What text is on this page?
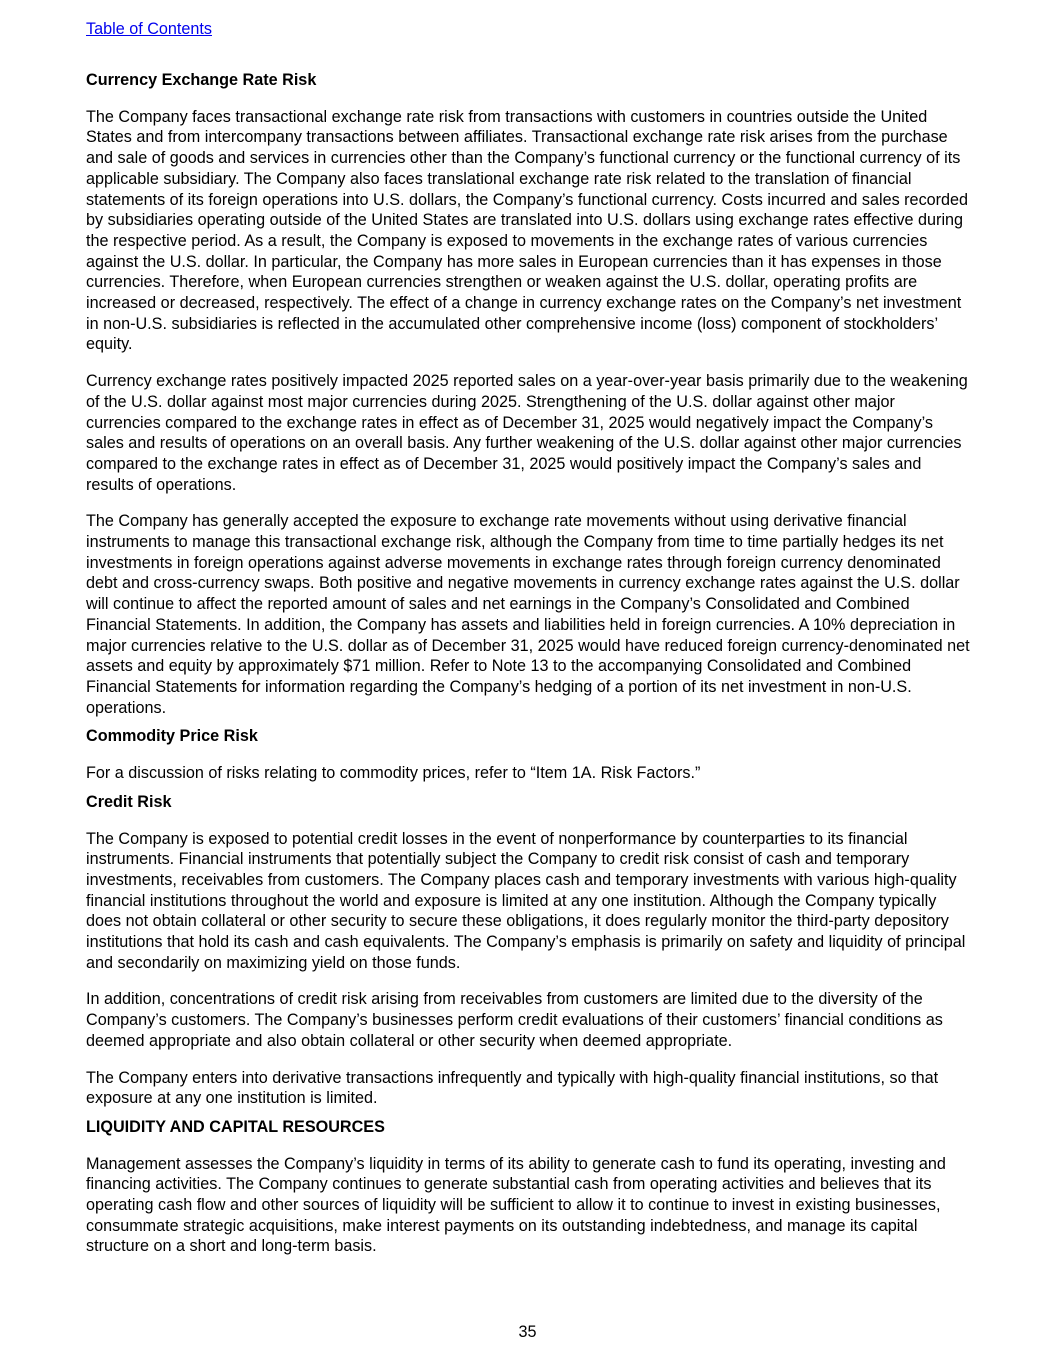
Table of Contents
Currency Exchange Rate Risk

The Company faces transactional exchange rate risk from transactions with customers in countries outside the United States and from intercompany transactions between affiliates. Transactional exchange rate risk arises from the purchase and sale of goods and services in currencies other than the Company’s functional currency or the functional currency of its applicable subsidiary. The Company also faces translational exchange rate risk related to the translation of financial statements of its foreign operations into U.S. dollars, the Company’s functional currency. Costs incurred and sales recorded by subsidiaries operating outside of the United States are translated into U.S. dollars using exchange rates effective during the respective period. As a result, the Company is exposed to movements in the exchange rates of various currencies against the U.S. dollar. In particular, the Company has more sales in European currencies than it has expenses in those currencies. Therefore, when European currencies strengthen or weaken against the U.S. dollar, operating profits are increased or decreased, respectively. The effect of a change in currency exchange rates on the Company’s net investment in non-U.S. subsidiaries is reflected in the accumulated other comprehensive income (loss) component of stockholders’ equity.

Currency exchange rates positively impacted 2025 reported sales on a year-over-year basis primarily due to the weakening of the U.S. dollar against most major currencies during 2025. Strengthening of the U.S. dollar against other major currencies compared to the exchange rates in effect as of December 31, 2025 would negatively impact the Company’s sales and results of operations on an overall basis. Any further weakening of the U.S. dollar against other major currencies compared to the exchange rates in effect as of December 31, 2025 would positively impact the Company’s sales and results of operations.

The Company has generally accepted the exposure to exchange rate movements without using derivative financial instruments to manage this transactional exchange risk, although the Company from time to time partially hedges its net investments in foreign operations against adverse movements in exchange rates through foreign currency denominated debt and cross-currency swaps. Both positive and negative movements in currency exchange rates against the U.S. dollar will continue to affect the reported amount of sales and net earnings in the Company’s Consolidated and Combined Financial Statements. In addition, the Company has assets and liabilities held in foreign currencies. A 10% depreciation in major currencies relative to the U.S. dollar as of December 31, 2025 would have reduced foreign currency-denominated net assets and equity by approximately $71 million. Refer to Note 13 to the accompanying Consolidated and Combined Financial Statements for information regarding the Company’s hedging of a portion of its net investment in non-U.S. operations.

Commodity Price Risk

For a discussion of risks relating to commodity prices, refer to “Item 1A. Risk Factors.”

Credit Risk

The Company is exposed to potential credit losses in the event of nonperformance by counterparties to its financial instruments. Financial instruments that potentially subject the Company to credit risk consist of cash and temporary investments, receivables from customers. The Company places cash and temporary investments with various high-quality financial institutions throughout the world and exposure is limited at any one institution. Although the Company typically does not obtain collateral or other security to secure these obligations, it does regularly monitor the third-party depository institutions that hold its cash and cash equivalents. The Company’s emphasis is primarily on safety and liquidity of principal and secondarily on maximizing yield on those funds.

In addition, concentrations of credit risk arising from receivables from customers are limited due to the diversity of the Company’s customers. The Company’s businesses perform credit evaluations of their customers’ financial conditions as deemed appropriate and also obtain collateral or other security when deemed appropriate.

The Company enters into derivative transactions infrequently and typically with high-quality financial institutions, so that exposure at any one institution is limited.

LIQUIDITY AND CAPITAL RESOURCES

Management assesses the Company’s liquidity in terms of its ability to generate cash to fund its operating, investing and financing activities. The Company continues to generate substantial cash from operating activities and believes that its operating cash flow and other sources of liquidity will be sufficient to allow it to continue to invest in existing businesses, consummate strategic acquisitions, make interest payments on its outstanding indebtedness, and manage its capital structure on a short and long-term basis.

35
